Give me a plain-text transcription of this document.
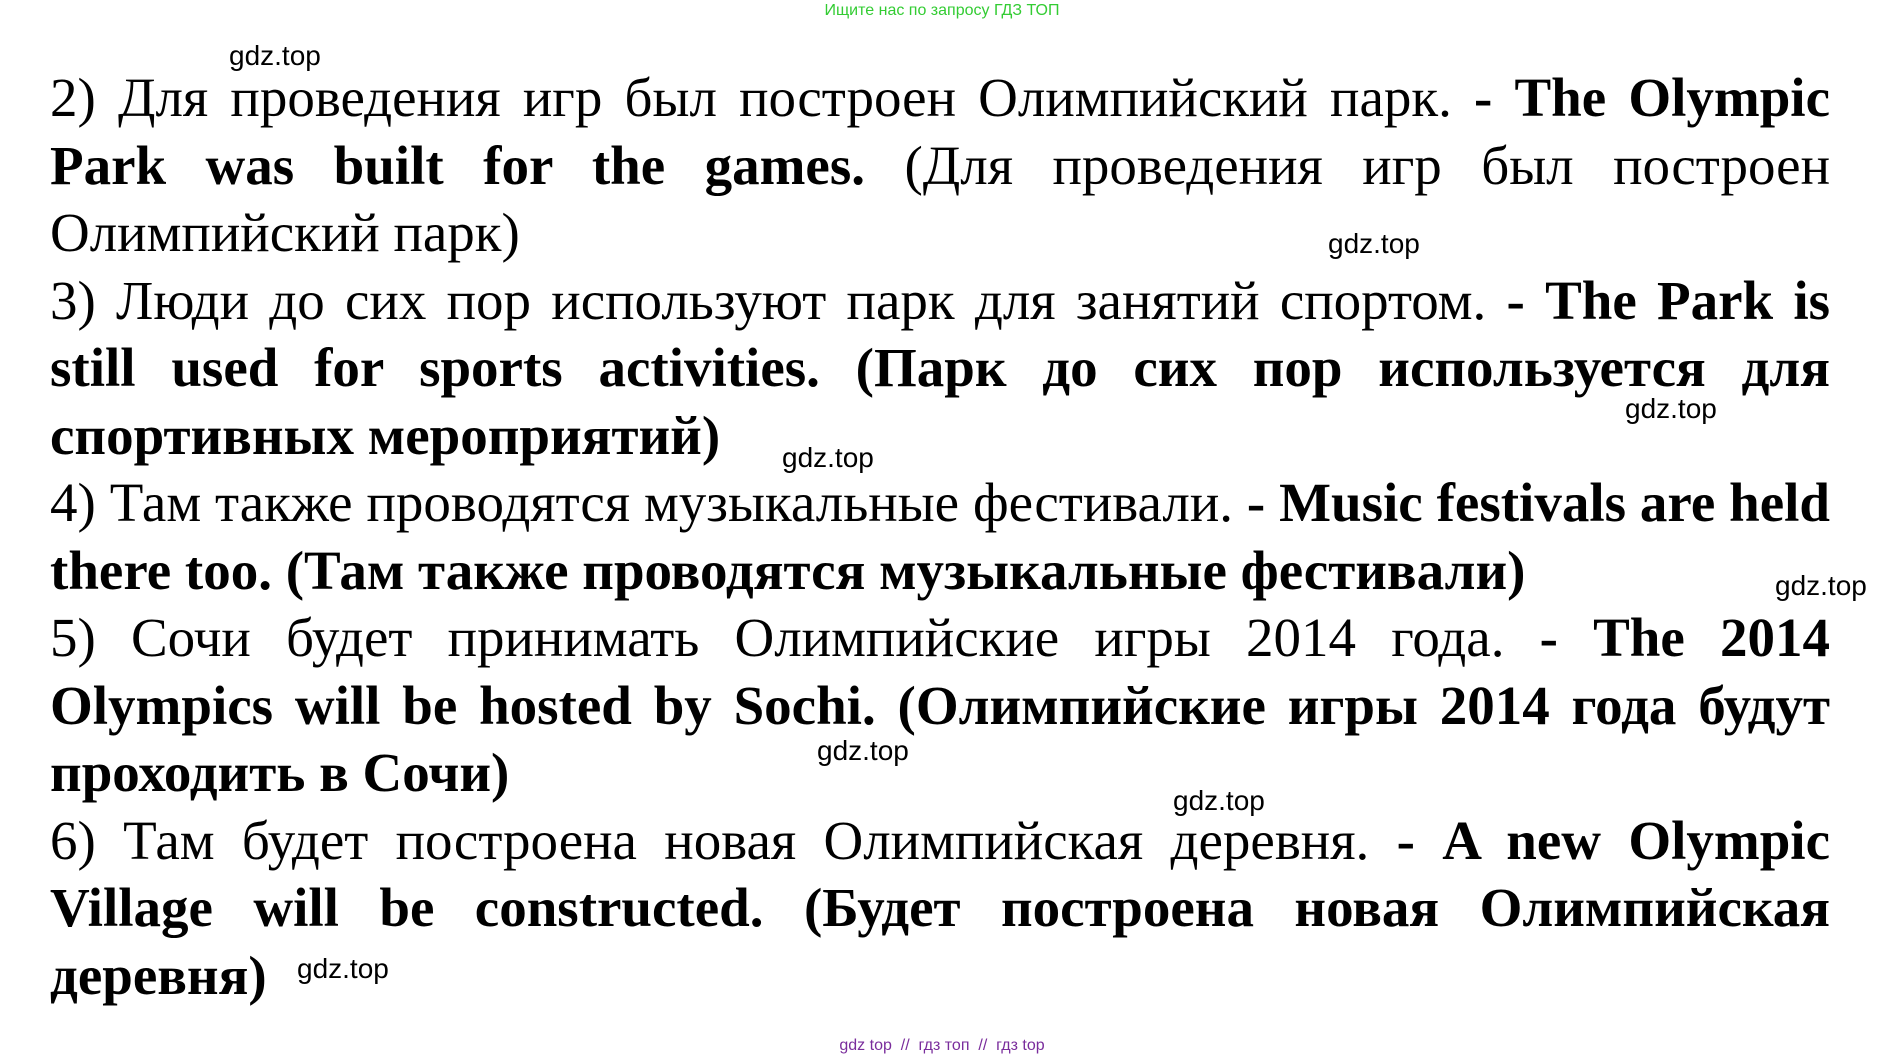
Ищите нас по запросу ГДЗ ТОП

2) Для проведения игр был построен Олимпийский парк. - The Olympic Park was built for the games. (Для проведения игр был построен Олимпийский парк)

3) Люди до сих пор используют парк для занятий спортом. - The Park is still used for sports activities. (Парк до сих пор используется для спортивных мероприятий)

4) Там также проводятся музыкальные фестивали. - Music festivals are held there too. (Там также проводятся музыкальные фестивали)

5) Сочи будет принимать Олимпийские игры 2014 года. - The 2014 Olympics will be hosted by Sochi. (Олимпийские игры 2014 года будут проходить в Сочи)

6) Там будет построена новая Олимпийская деревня. - A new Olympic Village will be constructed. (Будет построена новая Олимпийская деревня)

gdz.top
gdz.top
gdz.top
gdz.top
gdz.top
gdz.top
gdz.top
gdz.top
gdz top  //  гдз топ  //  гдз top
